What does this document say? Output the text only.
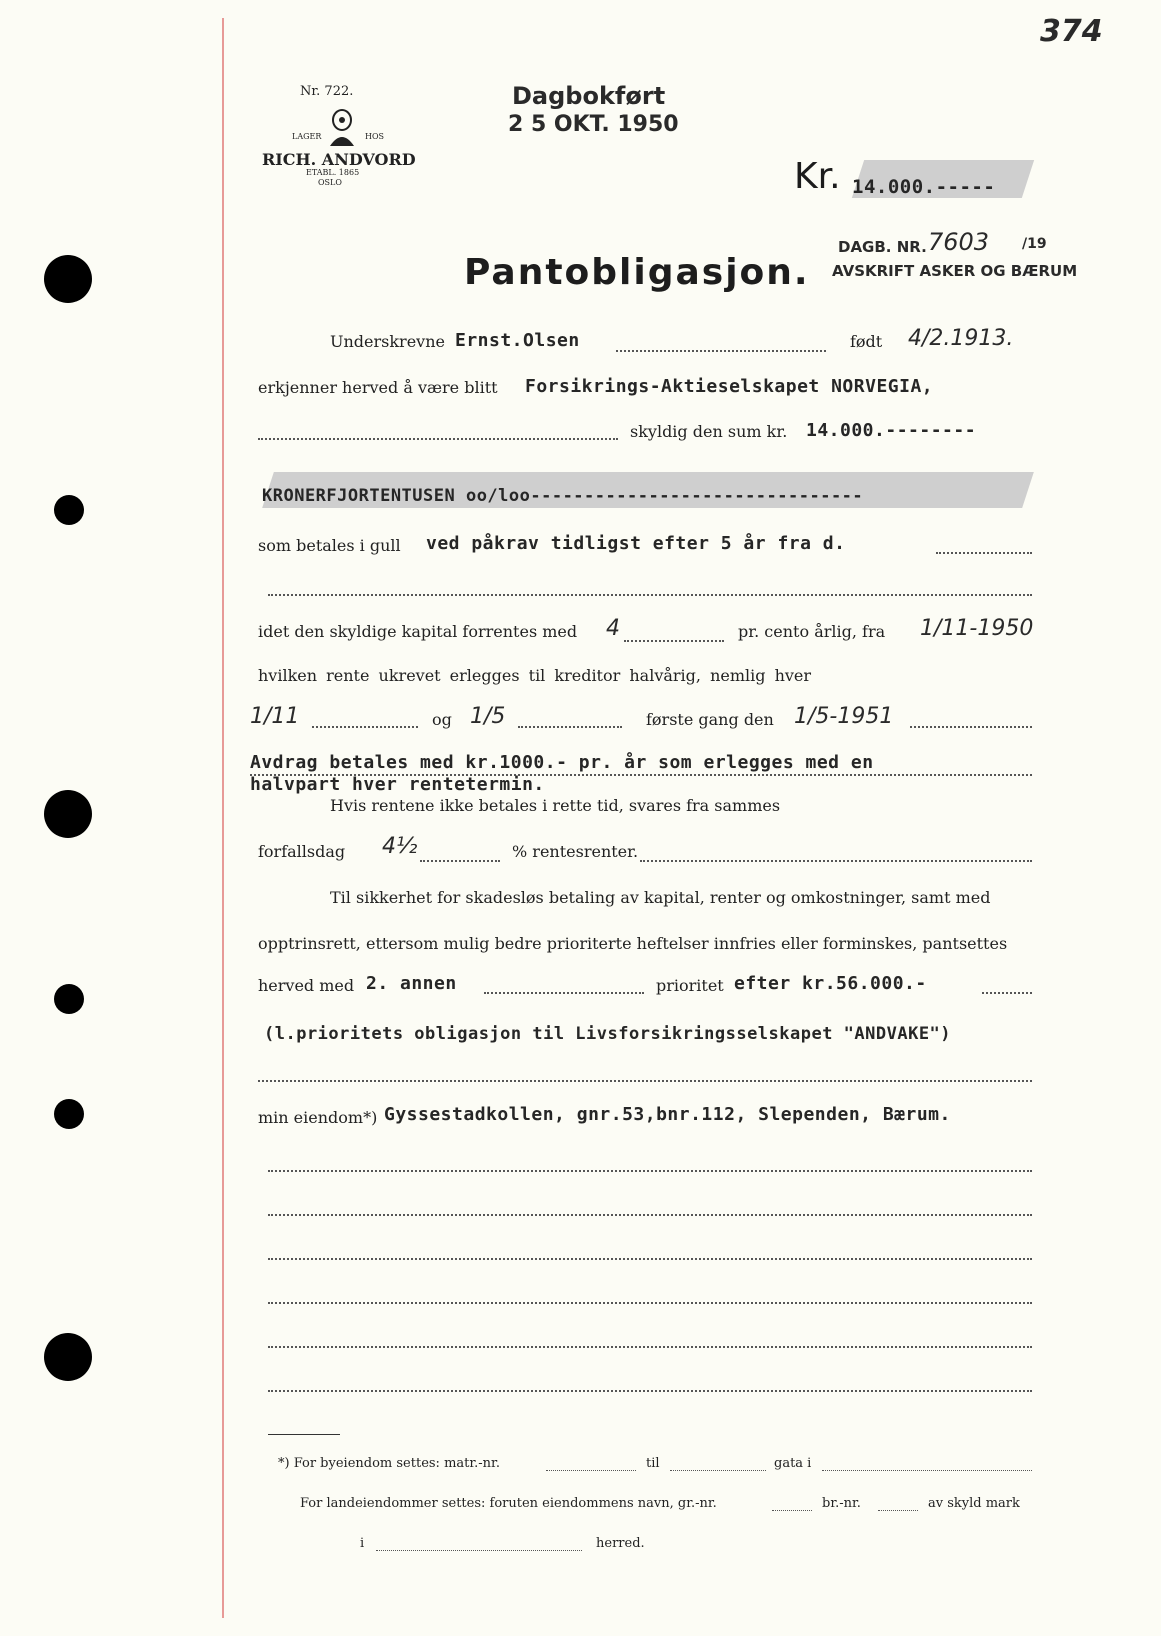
374
Nr. 722.
LAGER	HOS
RICH. ANDVORD
ETABL. 1865
OSLO
Dagbokført
2 5 OKT. 1950
Kr. 14.000.-----
DAGB. NR. 7603 /19
AVSKRIFT ASKER OG BÆRUM
Pantobligasjon.
Underskrevne Ernst.Olsen	født 4/2.1913.
erkjenner herved å være blitt Forsikrings-Aktieselskapet NORVEGIA,
skyldig den sum kr. 14.000.--------
KRONERFJORTENTUSEN oo/loo-------------------------------
som betales i gull ved påkrav tidligst efter 5 år fra d.
idet den skyldige kapital forrentes med 4	pr. cento årlig, fra 1/11-1950
hvilken rente ukrevet erlegges til kreditor halvårig, nemlig hver
1/11	og 1/5	første gang den 1/5-1951
Avdrag betales med kr.1000.- pr. år som erlegges med en
halvpart hver rentetermin.
Hvis rentene ikke betales i rette tid, svares fra sammes
forfallsdag 4½	% rentesrenter.
Til sikkerhet for skadesløs betaling av kapital, renter og omkostninger, samt med
opptrinsrett, ettersom mulig bedre prioriterte heftelser innfries eller forminskes, pantsettes
herved med 2. annen	prioritet efter kr.56.000.-
(l.prioritets obligasjon til Livsforsikringsselskapet "ANDVAKE")
min eiendom*) Gyssestadkollen, gnr.53,bnr.112, Slependen, Bærum.
*) For byeiendom settes: matr.-nr.	til	gata i
For landeiendommer settes: foruten eiendommens navn, gr.-nr.	br.-nr.	av skyld mark
i	herred.
